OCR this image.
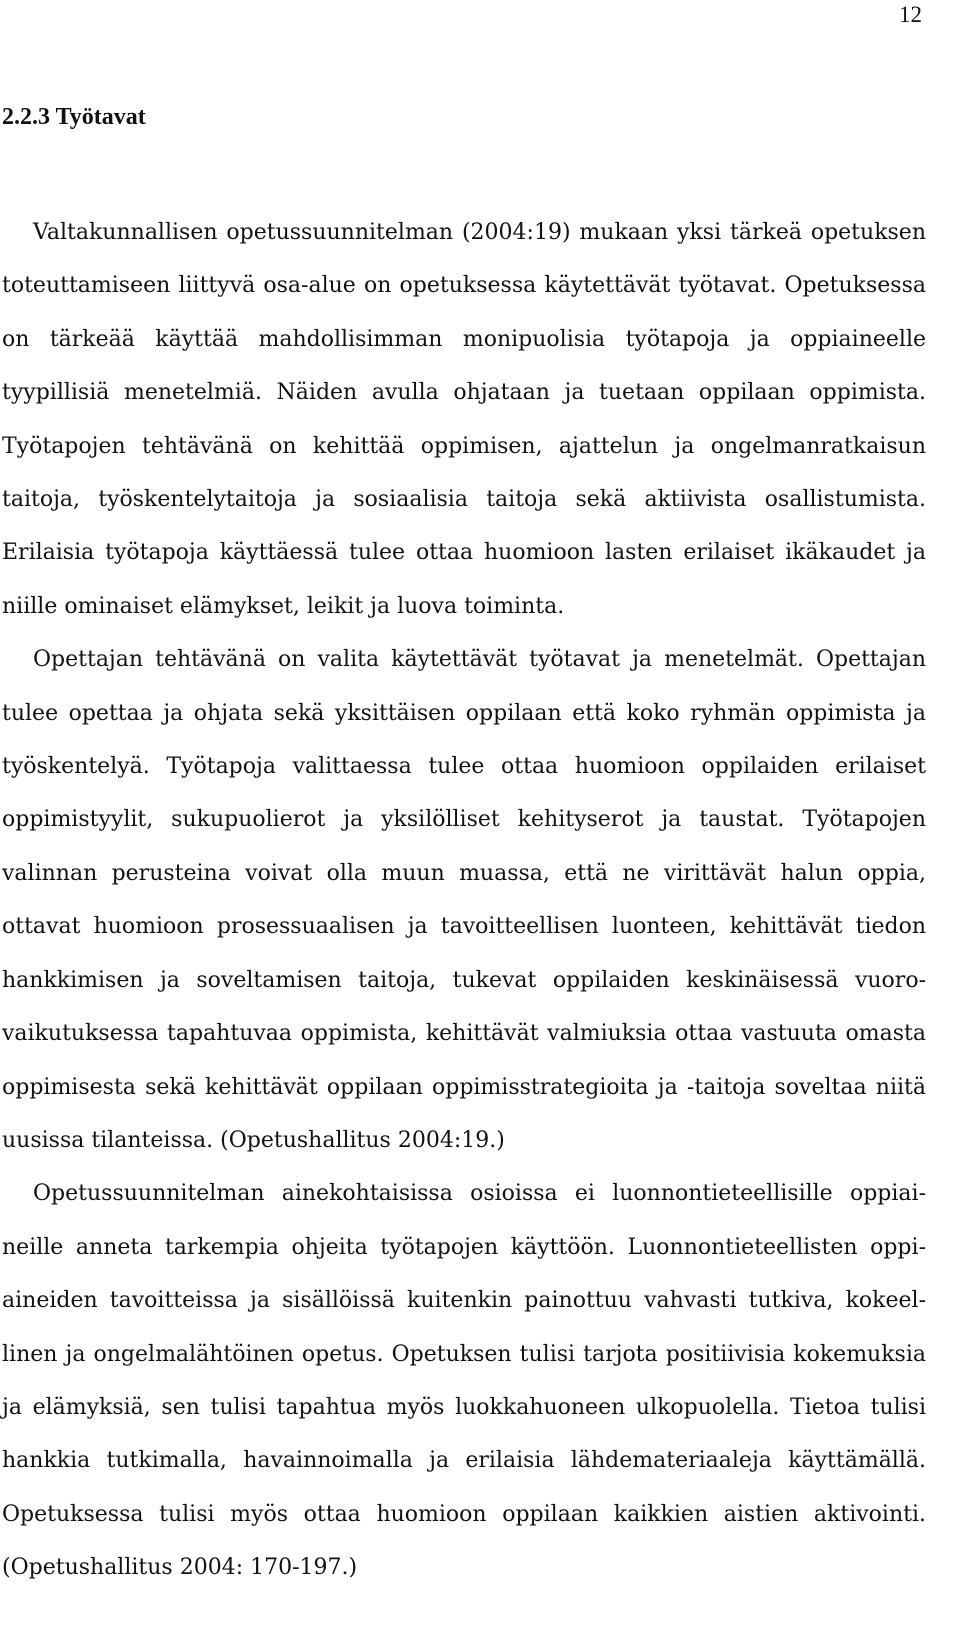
12
2.2.3 Työtavat

Valtakunnallisen opetussuunnitelman (2004:19) mukaan yksi tärkeä opetuksen toteuttamiseen liittyvä osa-alue on opetuksessa käytettävät työtavat. Opetuksessa on tärkeää käyttää mahdollisimman monipuolisia työtapoja ja oppiaineelle tyypillisiä menetelmiä. Näiden avulla ohjataan ja tuetaan oppilaan oppimista. Työtapojen tehtävänä on kehittää oppimisen, ajattelun ja ongelmanratkaisun taitoja, työskentelytaitoja ja sosiaalisia taitoja sekä aktiivista osallistumista. Erilaisia työtapoja käyttäessä tulee ottaa huomioon lasten erilaiset ikäkaudet ja niille ominaiset elämykset, leikit ja luova toiminta.

Opettajan tehtävänä on valita käytettävät työtavat ja menetelmät. Opettajan tulee opettaa ja ohjata sekä yksittäisen oppilaan että koko ryhmän oppimista ja työskentelyä. Työtapoja valittaessa tulee ottaa huomioon oppilaiden erilaiset oppimistyylit, sukupuolierot ja yksilölliset kehityserot ja taustat. Työtapojen valinnan perusteina voivat olla muun muassa, että ne virittävät halun oppia, ottavat huomioon prosessuaalisen ja tavoitteellisen luonteen, kehittävät tiedon hankkimisen ja soveltamisen taitoja, tukevat oppilaiden keskinäisessä vuorovaikutuksessa tapahtuvaa oppimista, kehittävät valmiuksia ottaa vastuuta omasta oppimisesta sekä kehittävät oppilaan oppimisstrategioita ja -taitoja soveltaa niitä uusissa tilanteissa. (Opetushallitus 2004:19.)

Opetussuunnitelman ainekohtaisissa osioissa ei luonnontieteellisille oppiaineille anneta tarkempia ohjeita työtapojen käyttöön. Luonnontieteellisten oppiaineiden tavoitteissa ja sisällöissä kuitenkin painottuu vahvasti tutkiva, kokeellinen ja ongelmalähtöinen opetus. Opetuksen tulisi tarjota positiivisia kokemuksia ja elämyksiä, sen tulisi tapahtua myös luokkahuoneen ulkopuolella. Tietoa tulisi hankkia tutkimalla, havainnoimalla ja erilaisia lähdemateriaaleja käyttämällä. Opetuksessa tulisi myös ottaa huomioon oppilaan kaikkien aistien aktivointi. (Opetushallitus 2004: 170-197.)
